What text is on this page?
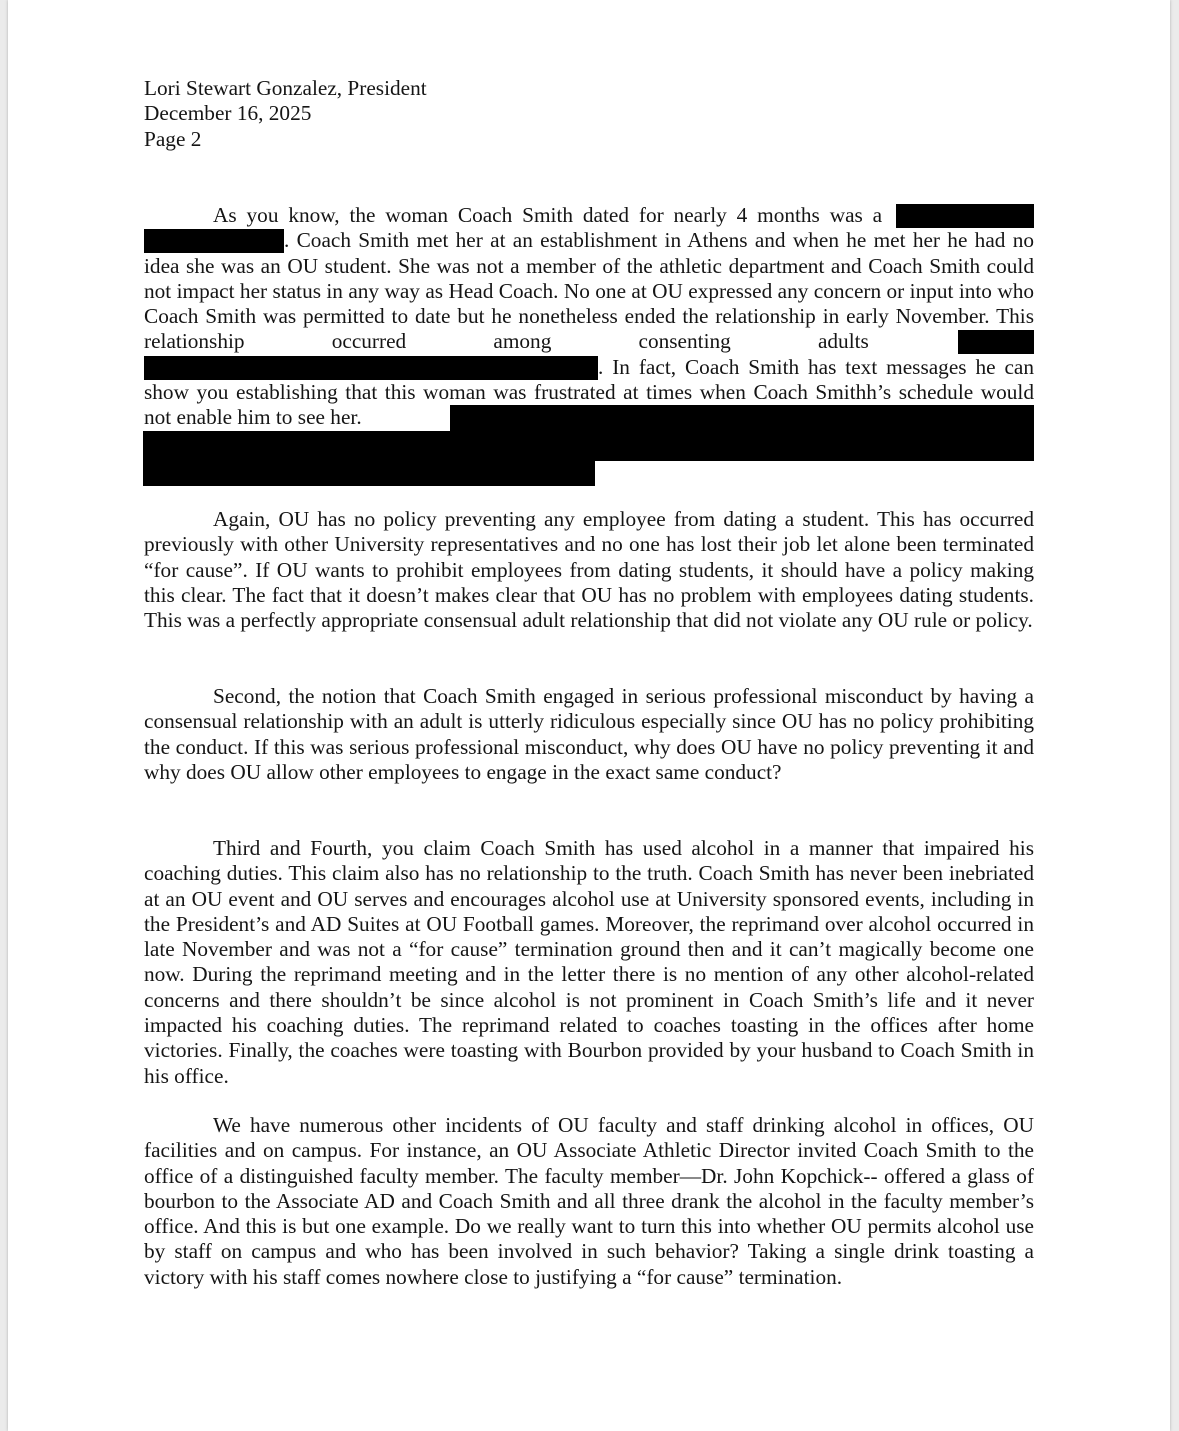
Lori Stewart Gonzalez, President
December 16, 2025
Page 2
As you know, the woman Coach Smith dated for nearly 4 months was a  . Coach Smith met her at an establishment in Athens and when he met her he had no idea she was an OU student. She was not a member of the athletic department and Coach Smith could not impact her status in any way as Head Coach. No one at OU expressed any concern or input into who Coach Smith was permitted to date but he nonetheless ended the relationship in early November. This relationship occurred among consenting adults  . In fact, Coach Smith has text messages he can show you establishing that this woman was frustrated at times when Coach Smithh’s schedule would not enable him to see her.
Again, OU has no policy preventing any employee from dating a student. This has occurred previously with other University representatives and no one has lost their job let alone been terminated “for cause”. If OU wants to prohibit employees from dating students, it should have a policy making this clear. The fact that it doesn’t makes clear that OU has no problem with employees dating students. This was a perfectly appropriate consensual adult relationship that did not violate any OU rule or policy.
Second, the notion that Coach Smith engaged in serious professional misconduct by having a consensual relationship with an adult is utterly ridiculous especially since OU has no policy prohibiting the conduct. If this was serious professional misconduct, why does OU have no policy preventing it and why does OU allow other employees to engage in the exact same conduct?
Third and Fourth, you claim Coach Smith has used alcohol in a manner that impaired his coaching duties. This claim also has no relationship to the truth. Coach Smith has never been inebriated at an OU event and OU serves and encourages alcohol use at University sponsored events, including in the President’s and AD Suites at OU Football games. Moreover, the reprimand over alcohol occurred in late November and was not a “for cause” termination ground then and it can’t magically become one now. During the reprimand meeting and in the letter there is no mention of any other alcohol-related concerns and there shouldn’t be since alcohol is not prominent in Coach Smith’s life and it never impacted his coaching duties. The reprimand related to coaches toasting in the offices after home victories. Finally, the coaches were toasting with Bourbon provided by your husband to Coach Smith in his office.
We have numerous other incidents of OU faculty and staff drinking alcohol in offices, OU facilities and on campus. For instance, an OU Associate Athletic Director invited Coach Smith to the office of a distinguished faculty member. The faculty member—Dr. John Kopchick-- offered a glass of bourbon to the Associate AD and Coach Smith and all three drank the alcohol in the faculty member’s office. And this is but one example. Do we really want to turn this into whether OU permits alcohol use by staff on campus and who has been involved in such behavior? Taking a single drink toasting a victory with his staff comes nowhere close to justifying a “for cause” termination.
